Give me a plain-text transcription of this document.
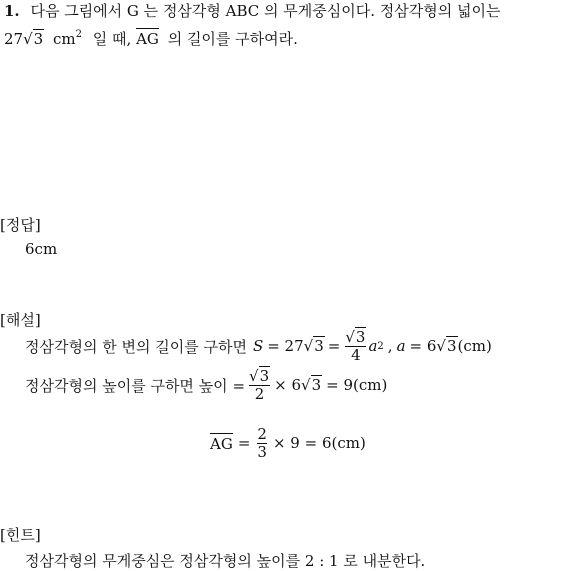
1. 다음 그림에서 G 는 정삼각형 ABC 의 무게중심이다. 정삼각형의 넓이는
27√3 $cm^2$ 일 때, AG 의 길이를 구하여라.
[정답]
6cm
[해설]
정삼각형의 한 변의 길이를 구하면 S = 27 $√3 = \frac{√3}{4}$ a 2 , a = 6 √3 (cm)
정삼각형의 높이를 구하면 높이 = $\frac{√3}{2} \times 6$ √3 = 9(cm)
AG = $\frac{2}{3} \times 9 = 6(cm)$
[힌트]
정삼각형의 무게중심은 정삼각형의 높이를 2 : 1 로 내분한다.
